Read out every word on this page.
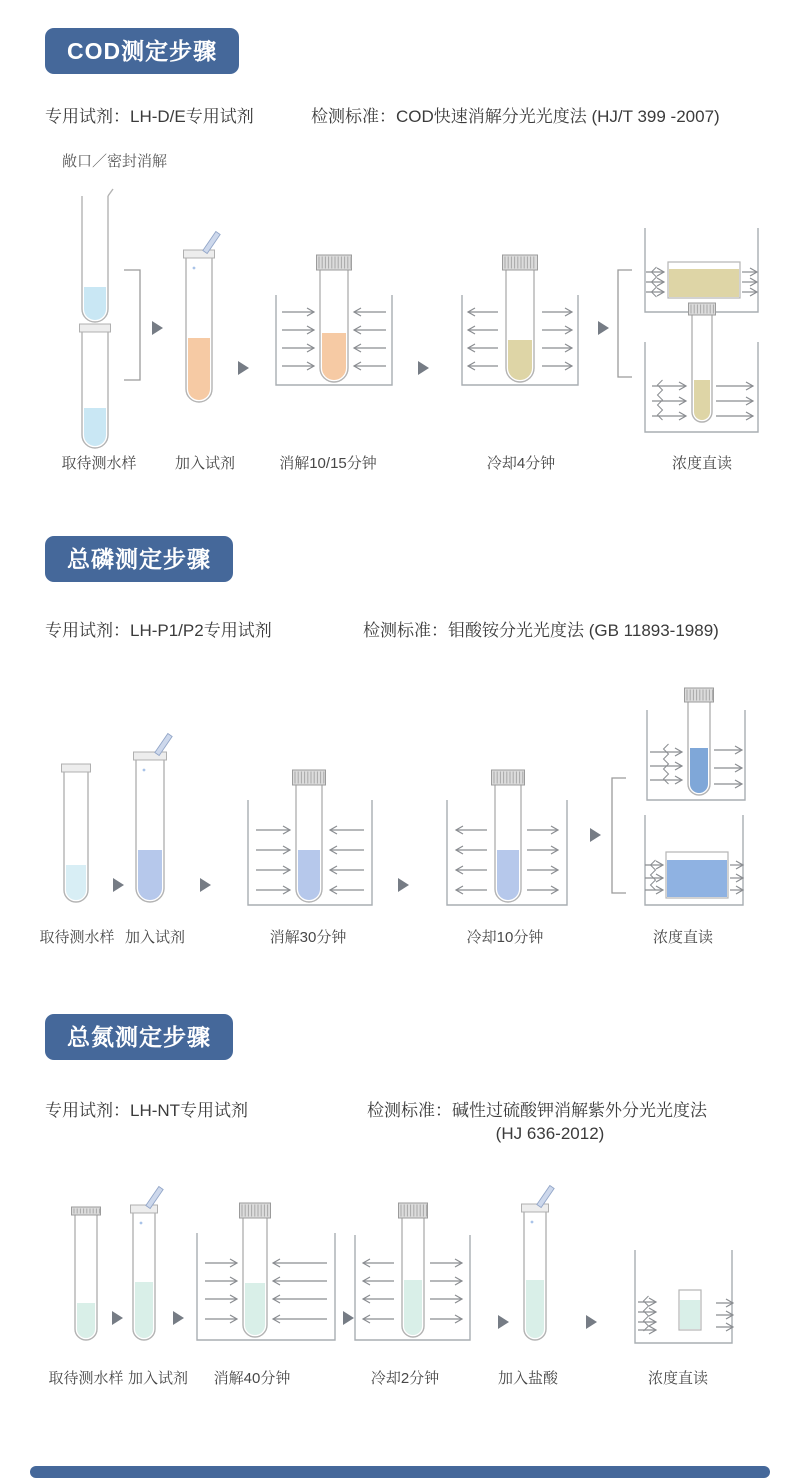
COD测定步骤
专用试剂：LH-D/E专用试剂	检测标准：COD快速消解分光光度法 (HJ/T 399 -2007)
敞口／密封消解
取待测水样	加入试剂	消解10/15分钟	冷却4分钟	浓度直读
总磷测定步骤
专用试剂：LH-P1/P2专用试剂	检测标准：钼酸铵分光光度法 (GB 11893-1989)
取待测水样 加入试剂	消解30分钟	冷却10分钟	浓度直读
总氮测定步骤
专用试剂：LH-NT专用试剂	检测标准：碱性过硫酸钾消解紫外分光光度法
(HJ 636-2012)
取待测水样 加入试剂 消解40分钟	冷却2分钟	加入盐酸	浓度直读
